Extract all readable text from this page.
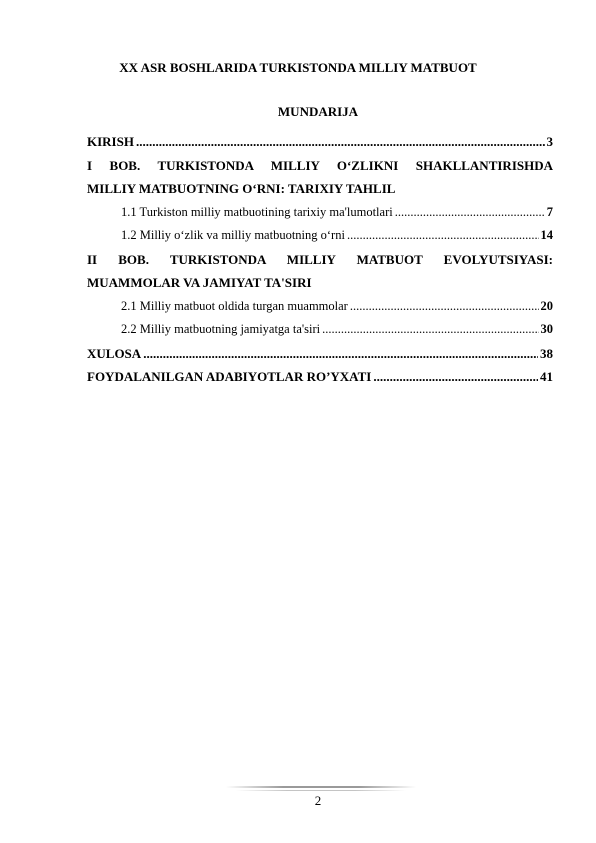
XX ASR BOSHLARIDA TURKISTONDA MILLIY MATBUOT
MUNDARIJA
KIRISH .....	3
I BOB. TURKISTONDA MILLIY O‘ZLIKNI SHAKLLANTIRISHDA
MILLIY MATBUOTNING O‘RNI: TARIXIY TAHLIL
1.1 Turkiston milliy matbuotining tarixiy ma'lumotlari .....	7
1.2 Milliy o‘zlik va milliy matbuotning o‘rni .....	14
II BOB. TURKISTONDA MILLIY MATBUOT EVOLYUTSIYASI:
MUAMMOLAR VA JAMIYAT TA'SIRI
2.1 Milliy matbuot oldida turgan muammolar .....	20
2.2 Milliy matbuotning jamiyatga ta'siri .....	30
XULOSA .....	38
FOYDALANILGAN ADABIYOTLAR RO’YXATI .....	41
2
